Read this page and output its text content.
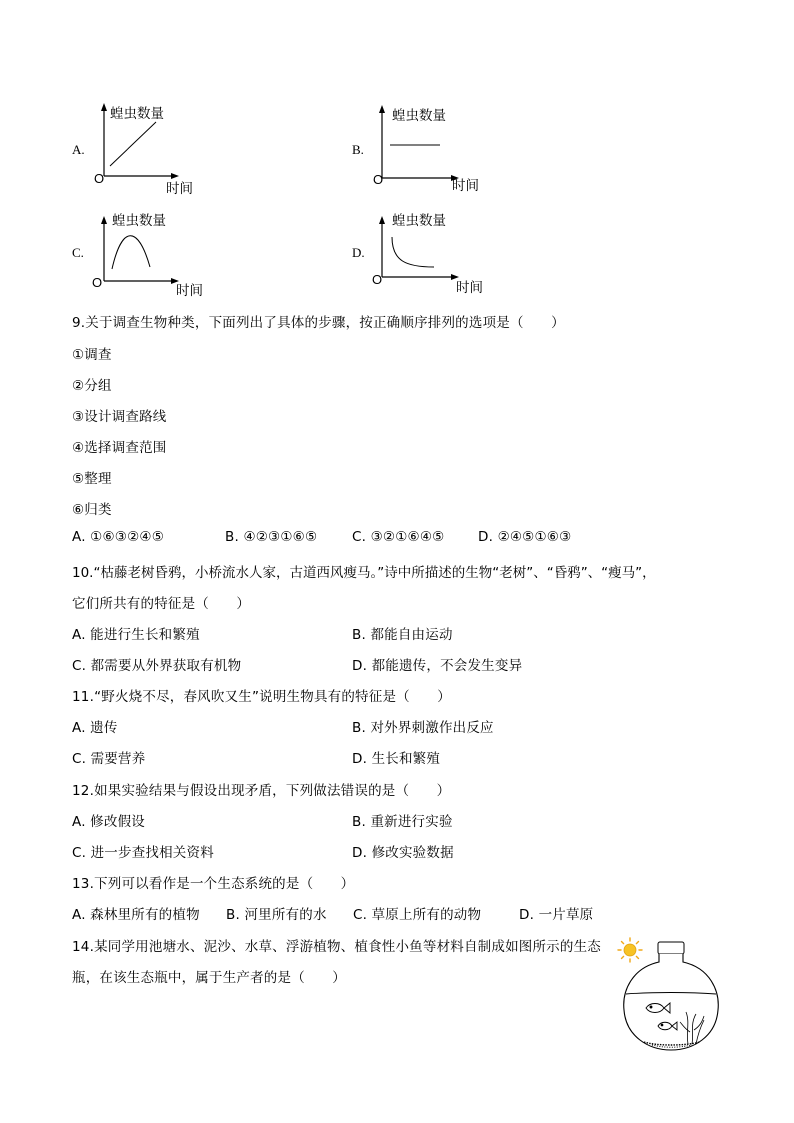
A.
蝗虫数量
O
时间
B.
蝗虫数量
O	时间
C.
蝗虫数量
O
时间
D.
蝗虫数量
O
时间
9.关于调查生物种类，下面列出了具体的步骤，按正确顺序排列的选项是（　　）
①调查
②分组
③设计调查路线
④选择调查范围
⑤整理
⑥归类
A. ①⑥③②④⑤	B. ④②③①⑥⑤	C. ③②①⑥④⑤ D. ②④⑤①⑥③
10.“枯藤老树昏鸦，小桥流水人家，古道西风瘦马。”诗中所描述的生物“老树”、“昏鸦”、“瘦马”，
它们所共有的特征是（　　）
A. 能进行生长和繁殖	B. 都能自由运动
C. 都需要从外界获取有机物	D. 都能遗传，不会发生变异
11.“野火烧不尽，春风吹又生”说明生物具有的特征是（　　）
A. 遗传	B. 对外界刺激作出反应
C. 需要营养	D. 生长和繁殖
12.如果实验结果与假设出现矛盾，下列做法错误的是（　　）
A. 修改假设	B. 重新进行实验
C. 进一步查找相关资料	D. 修改实验数据
13.下列可以看作是一个生态系统的是（　　）
A. 森林里所有的植物 B. 河里所有的水 C. 草原上所有的动物	D. 一片草原
14.某同学用池塘水、泥沙、水草、浮游植物、植食性小鱼等材料自制成如图所示的生态
瓶，在该生态瓶中，属于生产者的是（　　）
